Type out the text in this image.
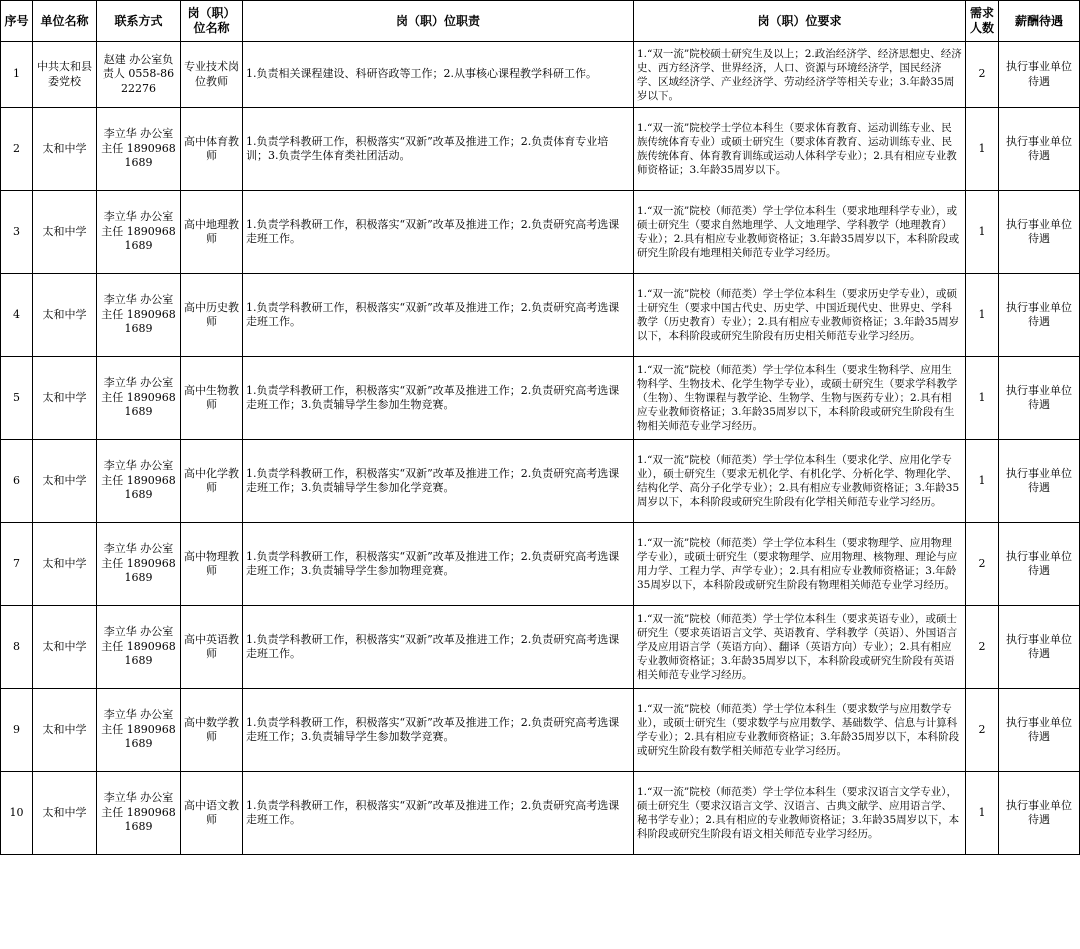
序号	单位名称	联系方式	岗（职）位名称	岗（职）位职责	岗（职）位要求	需求人数	薪酬待遇
1	中共太和县委党校	赵建 办公室负责人 0558-8622276	专业技术岗位教师	1.负责相关课程建设、科研咨政等工作；2.从事核心课程教学科研工作。	1.“双一流”院校硕士研究生及以上；2.政治经济学、经济思想史、经济史、西方经济学、世界经济，人口、资源与环境经济学，国民经济学、区域经济学、产业经济学、劳动经济学等相关专业；3.年龄35周岁以下。	2	执行事业单位待遇
2	太和中学	李立华 办公室主任 18909681689	高中体育教师	1.负责学科教研工作，积极落实“双新”改革及推进工作；2.负责体育专业培训；3.负责学生体育类社团活动。	1.“双一流”院校学士学位本科生（要求体育教育、运动训练专业、民族传统体育专业）或硕士研究生（要求体育教育、运动训练专业、民族传统体育、体育教育训练或运动人体科学专业）；2.具有相应专业教师资格证；3.年龄35周岁以下。	1	执行事业单位待遇
3	太和中学	李立华 办公室主任 18909681689	高中地理教师	1.负责学科教研工作，积极落实“双新”改革及推进工作；2.负责研究高考选课走班工作。	1.“双一流”院校（师范类）学士学位本科生（要求地理科学专业），或硕士研究生（要求自然地理学、人文地理学、学科教学（地理教育）专业）；2.具有相应专业教师资格证；3.年龄35周岁以下，本科阶段或研究生阶段有地理相关师范专业学习经历。	1	执行事业单位待遇
4	太和中学	李立华 办公室主任 18909681689	高中历史教师	1.负责学科教研工作，积极落实“双新”改革及推进工作；2.负责研究高考选课走班工作。	1.“双一流”院校（师范类）学士学位本科生（要求历史学专业），或硕士研究生（要求中国古代史、历史学、中国近现代史、世界史、学科教学（历史教育）专业）；2.具有相应专业教师资格证；3.年龄35周岁以下，本科阶段或研究生阶段有历史相关师范专业学习经历。	1	执行事业单位待遇
5	太和中学	李立华 办公室主任 18909681689	高中生物教师	1.负责学科教研工作，积极落实“双新”改革及推进工作；2.负责研究高考选课走班工作；3.负责辅导学生参加生物竞赛。	1.“双一流”院校（师范类）学士学位本科生（要求生物科学、应用生物科学、生物技术、化学生物学专业），或硕士研究生（要求学科教学（生物）、生物课程与教学论、生物学、生物与医药专业）；2.具有相应专业教师资格证；3.年龄35周岁以下，本科阶段或研究生阶段有生物相关师范专业学习经历。	1	执行事业单位待遇
6	太和中学	李立华 办公室主任 18909681689	高中化学教师	1.负责学科教研工作，积极落实“双新”改革及推进工作；2.负责研究高考选课走班工作；3.负责辅导学生参加化学竞赛。	1.“双一流”院校（师范类）学士学位本科生（要求化学、应用化学专业），硕士研究生（要求无机化学、有机化学、分析化学、物理化学、结构化学、高分子化学专业）；2.具有相应专业教师资格证；3.年龄35周岁以下，本科阶段或研究生阶段有化学相关师范专业学习经历。	1	执行事业单位待遇
7	太和中学	李立华 办公室主任 18909681689	高中物理教师	1.负责学科教研工作，积极落实“双新”改革及推进工作；2.负责研究高考选课走班工作；3.负责辅导学生参加物理竞赛。	1.“双一流”院校（师范类）学士学位本科生（要求物理学、应用物理学专业），或硕士研究生（要求物理学、应用物理、核物理、理论与应用力学、工程力学、声学专业）；2.具有相应专业教师资格证；3.年龄35周岁以下，本科阶段或研究生阶段有物理相关师范专业学习经历。	2	执行事业单位待遇
8	太和中学	李立华 办公室主任 18909681689	高中英语教师	1.负责学科教研工作，积极落实“双新”改革及推进工作；2.负责研究高考选课走班工作。	1.“双一流”院校（师范类）学士学位本科生（要求英语专业），或硕士研究生（要求英语语言文学、英语教育、学科教学（英语）、外国语言学及应用语言学（英语方向）、翻译（英语方向）专业）；2.具有相应专业教师资格证；3.年龄35周岁以下，本科阶段或研究生阶段有英语相关师范专业学习经历。	2	执行事业单位待遇
9	太和中学	李立华 办公室主任 18909681689	高中数学教师	1.负责学科教研工作，积极落实“双新”改革及推进工作；2.负责研究高考选课走班工作；3.负责辅导学生参加数学竞赛。	1.“双一流”院校（师范类）学士学位本科生（要求数学与应用数学专业），或硕士研究生（要求数学与应用数学、基础数学、信息与计算科学专业）；2.具有相应专业教师资格证；3.年龄35周岁以下，本科阶段或研究生阶段有数学相关师范专业学习经历。	2	执行事业单位待遇
10	太和中学	李立华 办公室主任 18909681689	高中语文教师	1.负责学科教研工作，积极落实“双新”改革及推进工作；2.负责研究高考选课走班工作。	1.“双一流”院校（师范类）学士学位本科生（要求汉语言文学专业），硕士研究生（要求汉语言文学、汉语言、古典文献学、应用语言学、秘书学专业）；2.具有相应的专业教师资格证；3.年龄35周岁以下，本科阶段或研究生阶段有语文相关师范专业学习经历。	1	执行事业单位待遇
